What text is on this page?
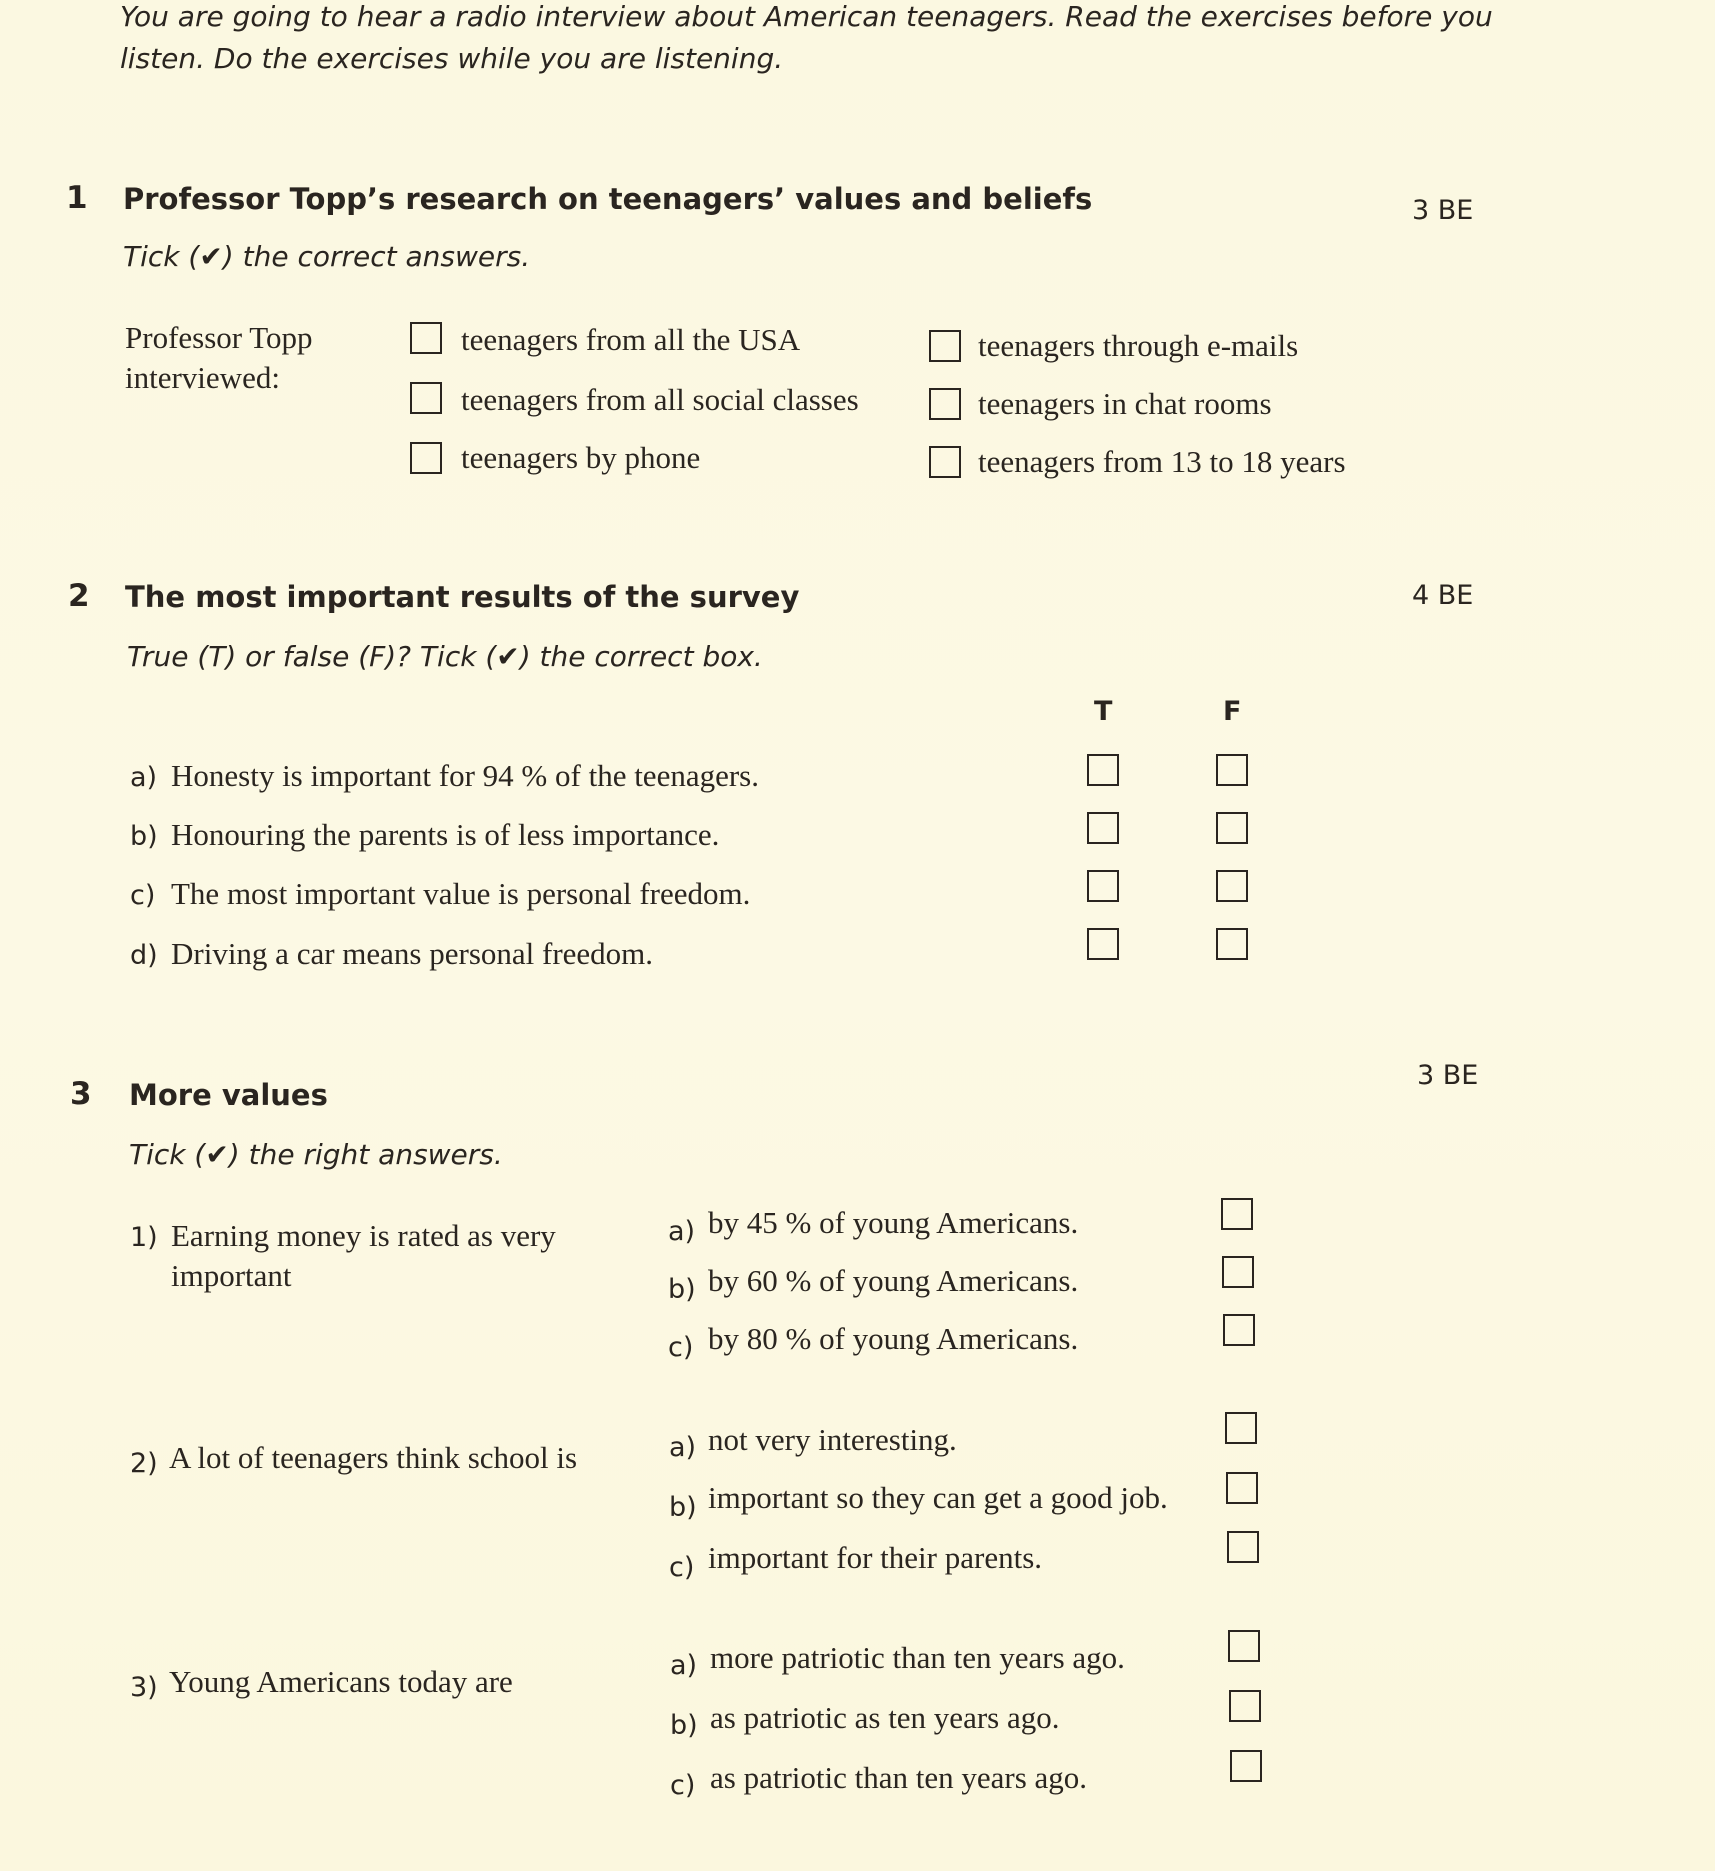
You are going to hear a radio interview about American teenagers. Read the exercises before you
listen. Do the exercises while you are listening.
1 Professor Topp’s research on teenagers’ values and beliefs	3 BE
Tick (✔) the correct answers.
Professor Topp
interviewed:
teenagers from all the USA
teenagers from all social classes
teenagers by phone
teenagers through e-mails
teenagers in chat rooms
teenagers from 13 to 18 years
2 The most important results of the survey	4 BE
True (T) or false (F)? Tick (✔) the correct box.
T	F
a) Honesty is important for 94 % of the teenagers.
b) Honouring the parents is of less importance.
c) The most important value is personal freedom.
d) Driving a car means personal freedom.
3 More values
3 BE
Tick (✔) the right answers.
1) Earning money is rated as very
important
a) by 45 % of young Americans.
b) by 60 % of young Americans.
c) by 80 % of young Americans.
2) A lot of teenagers think school is	a) not very interesting.
b) important so they can get a good job.
c) important for their parents.
3) Young Americans today are	a) more patriotic than ten years ago.
b) as patriotic as ten years ago.
c) as patriotic than ten years ago.
